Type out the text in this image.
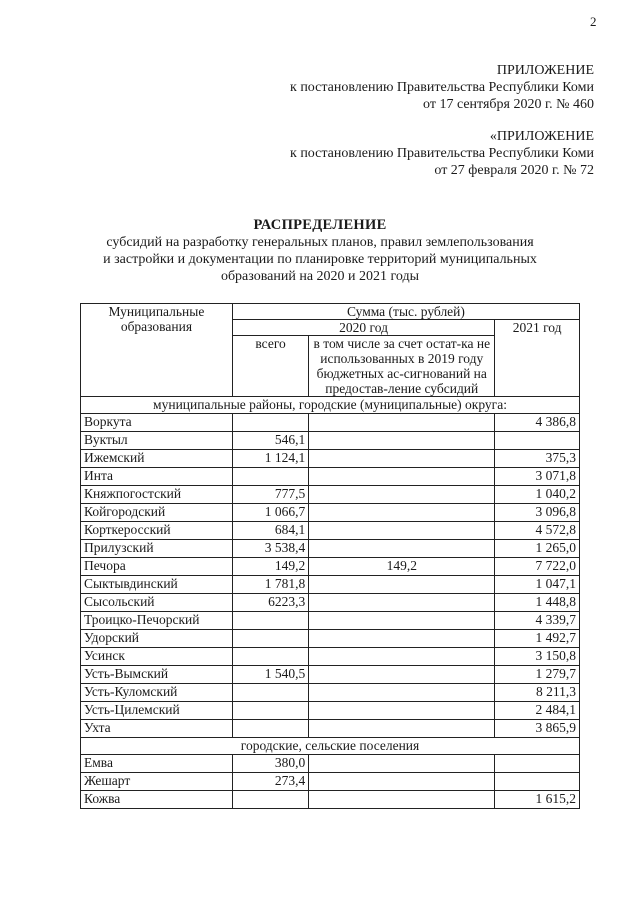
2
ПРИЛОЖЕНИЕ
к постановлению Правительства Республики Коми
от 17 сентября 2020 г. № 460
«ПРИЛОЖЕНИЕ
к постановлению Правительства Республики Коми
от 27 февраля 2020 г. № 72
РАСПРЕДЕЛЕНИЕ
субсидий на разработку генеральных планов, правил землепользования
и застройки и документации по планировке территорий муниципальных
образований на 2020 и 2021 годы
Муниципальные образования	Сумма (тыс. рублей)		
	2020 год		2021 год
	всего	в том числе за счет остат-ка не использованных в 2019 году бюджетных ас-сигнований на предостав-ление субсидий	
муниципальные районы, городские (муниципальные) округа:			
Воркута			4 386,8
Вуктыл	546,1		
Ижемский	1 124,1		375,3
Инта			3 071,8
Княжпогостский	777,5		1 040,2
Койгородский	1 066,7		3 096,8
Корткеросский	684,1		4 572,8
Прилузский	3 538,4		1 265,0
Печора	149,2	149,2	7 722,0
Сыктывдинский	1 781,8		1 047,1
Сысольский	6223,3		1 448,8
Троицко-Печорский			4 339,7
Удорский			1 492,7
Усинск			3 150,8
Усть-Вымский	1 540,5		1 279,7
Усть-Куломский			8 211,3
Усть-Цилемский			2 484,1
Ухта			3 865,9
городские, сельские поселения			
Емва	380,0		
Жешарт	273,4		
Кожва			1 615,2
